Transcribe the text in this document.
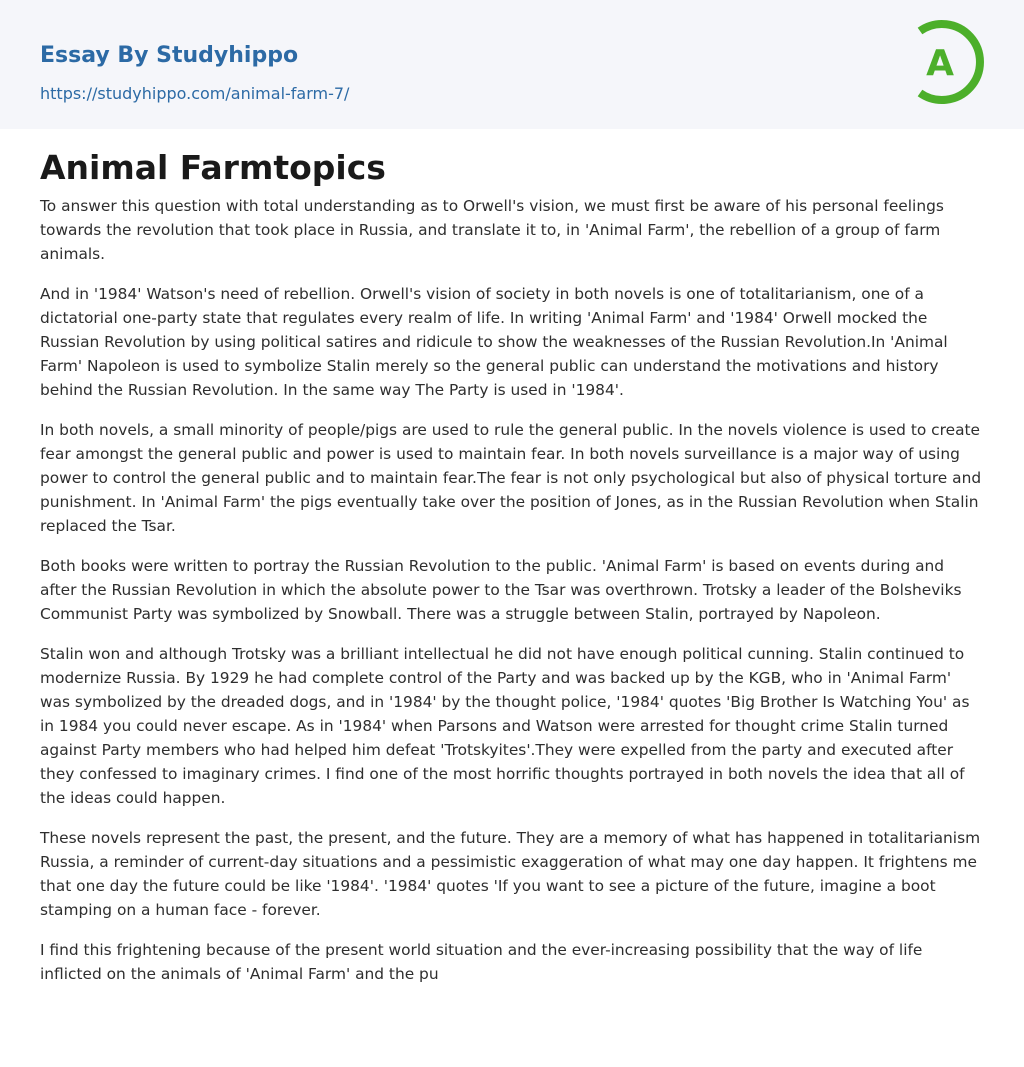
Essay By Studyhippo
https://studyhippo.com/animal-farm-7/
A
Animal Farmtopics

To answer this question with total understanding as to Orwell's vision, we must first be aware of his personal feelings towards the revolution that took place in Russia, and translate it to, in 'Animal Farm', the rebellion of a group of farm animals.

And in '1984' Watson's need of rebellion. Orwell's vision of society in both novels is one of totalitarianism, one of a dictatorial one-party state that regulates every realm of life. In writing 'Animal Farm' and '1984' Orwell mocked the Russian Revolution by using political satires and ridicule to show the weaknesses of the Russian Revolution.In 'Animal Farm' Napoleon is used to symbolize Stalin merely so the general public can understand the motivations and history behind the Russian Revolution. In the same way The Party is used in '1984'.

In both novels, a small minority of people/pigs are used to rule the general public. In the novels violence is used to create fear amongst the general public and power is used to maintain fear. In both novels surveillance is a major way of using power to control the general public and to maintain fear.The fear is not only psychological but also of physical torture and punishment. In 'Animal Farm' the pigs eventually take over the position of Jones, as in the Russian Revolution when Stalin replaced the Tsar.

Both books were written to portray the Russian Revolution to the public. 'Animal Farm' is based on events during and after the Russian Revolution in which the absolute power to the Tsar was overthrown. Trotsky a leader of the Bolsheviks Communist Party was symbolized by Snowball. There was a struggle between Stalin, portrayed by Napoleon.

Stalin won and although Trotsky was a brilliant intellectual he did not have enough political cunning. Stalin continued to modernize Russia. By 1929 he had complete control of the Party and was backed up by the KGB, who in 'Animal Farm' was symbolized by the dreaded dogs, and in '1984' by the thought police, '1984' quotes 'Big Brother Is Watching You' as in 1984 you could never escape. As in '1984' when Parsons and Watson were arrested for thought crime Stalin turned against Party members who had helped him defeat 'Trotskyites'.They were expelled from the party and executed after they confessed to imaginary crimes. I find one of the most horrific thoughts portrayed in both novels the idea that all of the ideas could happen.

These novels represent the past, the present, and the future. They are a memory of what has happened in totalitarianism Russia, a reminder of current-day situations and a pessimistic exaggeration of what may one day happen. It frightens me that one day the future could be like '1984'. '1984' quotes 'If you want to see a picture of the future, imagine a boot stamping on a human face - forever.

I find this frightening because of the present world situation and the ever-increasing possibility that the way of life inflicted on the animals of 'Animal Farm' and the pu
